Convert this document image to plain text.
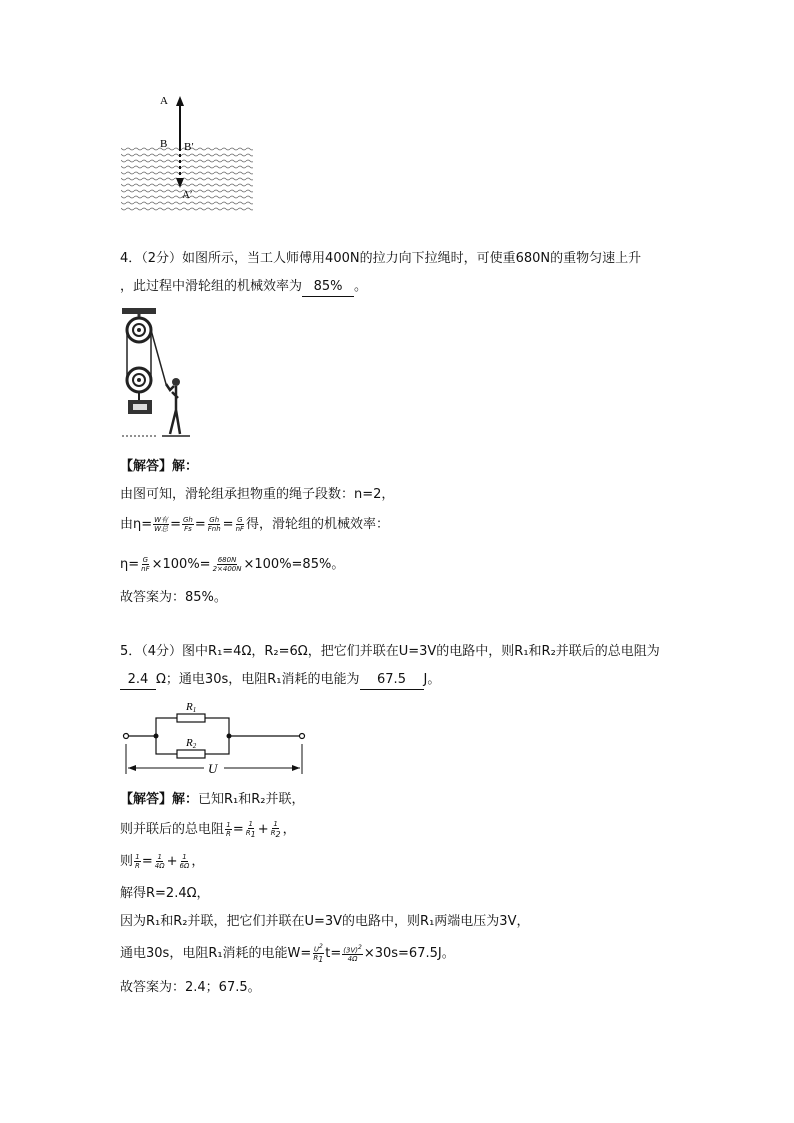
A
B B′
A′
4．（2分）如图所示，当工人师傅用400N的拉力向下拉绳时，可使重680N的重物匀速上升
，此过程中滑轮组的机械效率为 85% 。
【解答】解：
由图可知，滑轮组承担物重的绳子段数：n=2，
由$\eta= \frac{\text{W有}}{\text{W总}} = \frac{Gh}{Fs} = \frac{Gh}{\text{Fnh}} = \frac{G}{nF}$ 得，滑轮组的机械效率：
$\eta= \frac{G}{nF} \times 100\%= \frac{680N}{2\times 400N} \times 100\%=85\%$。
故答案为：85%。
5．（4分）图中R₁=4Ω，R₂=6Ω，把它们并联在U=3V的电路中，则R₁和R₂并联后的总电阻为
2.4 Ω；通电30s，电阻R₁消耗的电能为 67.5 J。
R1
R2
U
【解答】解：已知R₁和R₂并联，
则并联后的总电阻 $\frac{1}{R} = \frac{1}{R_1} + \frac{1}{R_2}$ ，
则 $\frac{1}{R} = \frac{1}{4\Omega} + \frac{1}{6\Omega}$ ，
解得R=2.4Ω，
因为R₁和R₂并联，把它们并联在U=3V的电路中，则R₁两端电压为3V，
通电30s，电阻R₁消耗的电能$W= \frac{U^2}{R_1} t= \frac{(3V)^2}{4\Omega} \times 30s=67.5J$。
故答案为：2.4；67.5。
